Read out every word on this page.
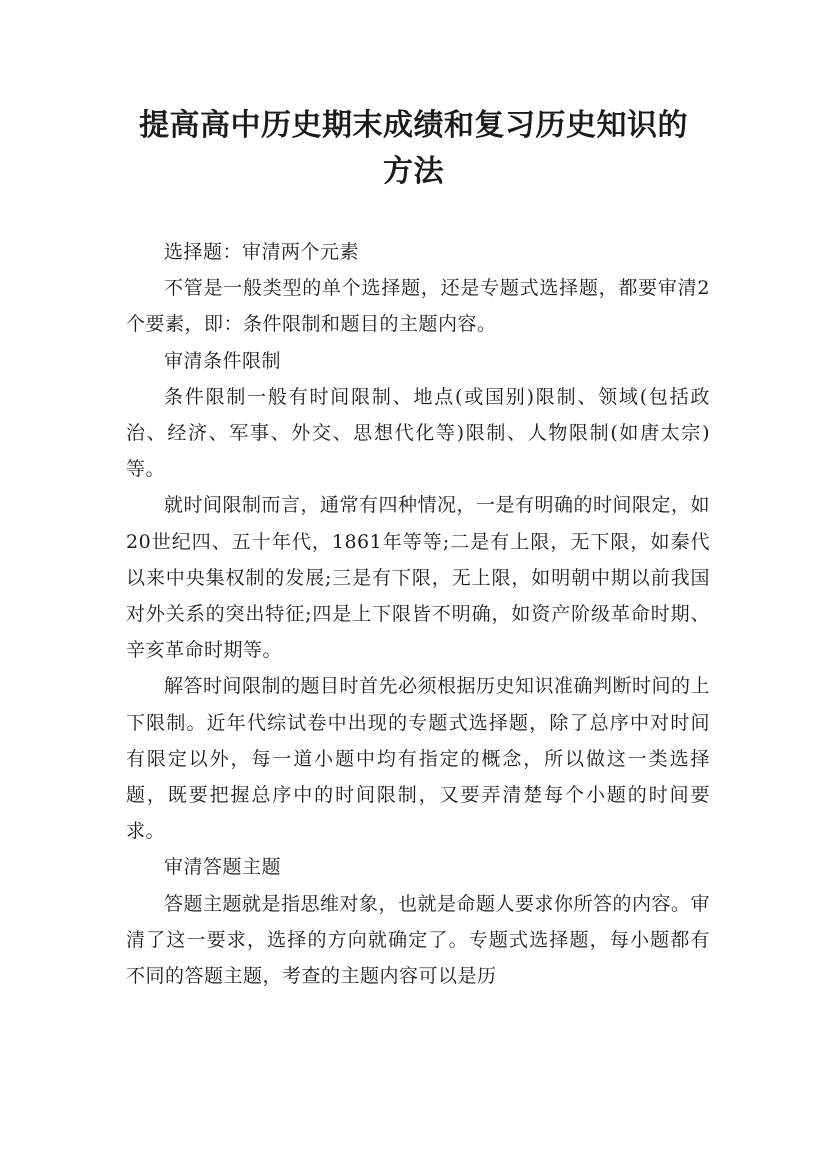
提高高中历史期末成绩和复习历史知识的
方法

选择题：审清两个元素

不管是一般类型的单个选择题，还是专题式选择题，都要审清2个要素，即：条件限制和题目的主题内容。

审清条件限制

条件限制一般有时间限制、地点(或国别)限制、领域(包括政治、经济、军事、外交、思想代化等)限制、人物限制(如唐太宗)等。

就时间限制而言，通常有四种情况，一是有明确的时间限定，如20世纪四、五十年代，1861年等等;二是有上限，无下限，如秦代以来中央集权制的发展;三是有下限，无上限，如明朝中期以前我国对外关系的突出特征;四是上下限皆不明确，如资产阶级革命时期、辛亥革命时期等。

解答时间限制的题目时首先必须根据历史知识准确判断时间的上下限制。近年代综试卷中出现的专题式选择题，除了总序中对时间有限定以外，每一道小题中均有指定的概念，所以做这一类选择题，既要把握总序中的时间限制，又要弄清楚每个小题的时间要求。

审清答题主题

答题主题就是指思维对象，也就是命题人要求你所答的内容。审清了这一要求，选择的方向就确定了。专题式选择题，每小题都有不同的答题主题，考查的主题内容可以是历
